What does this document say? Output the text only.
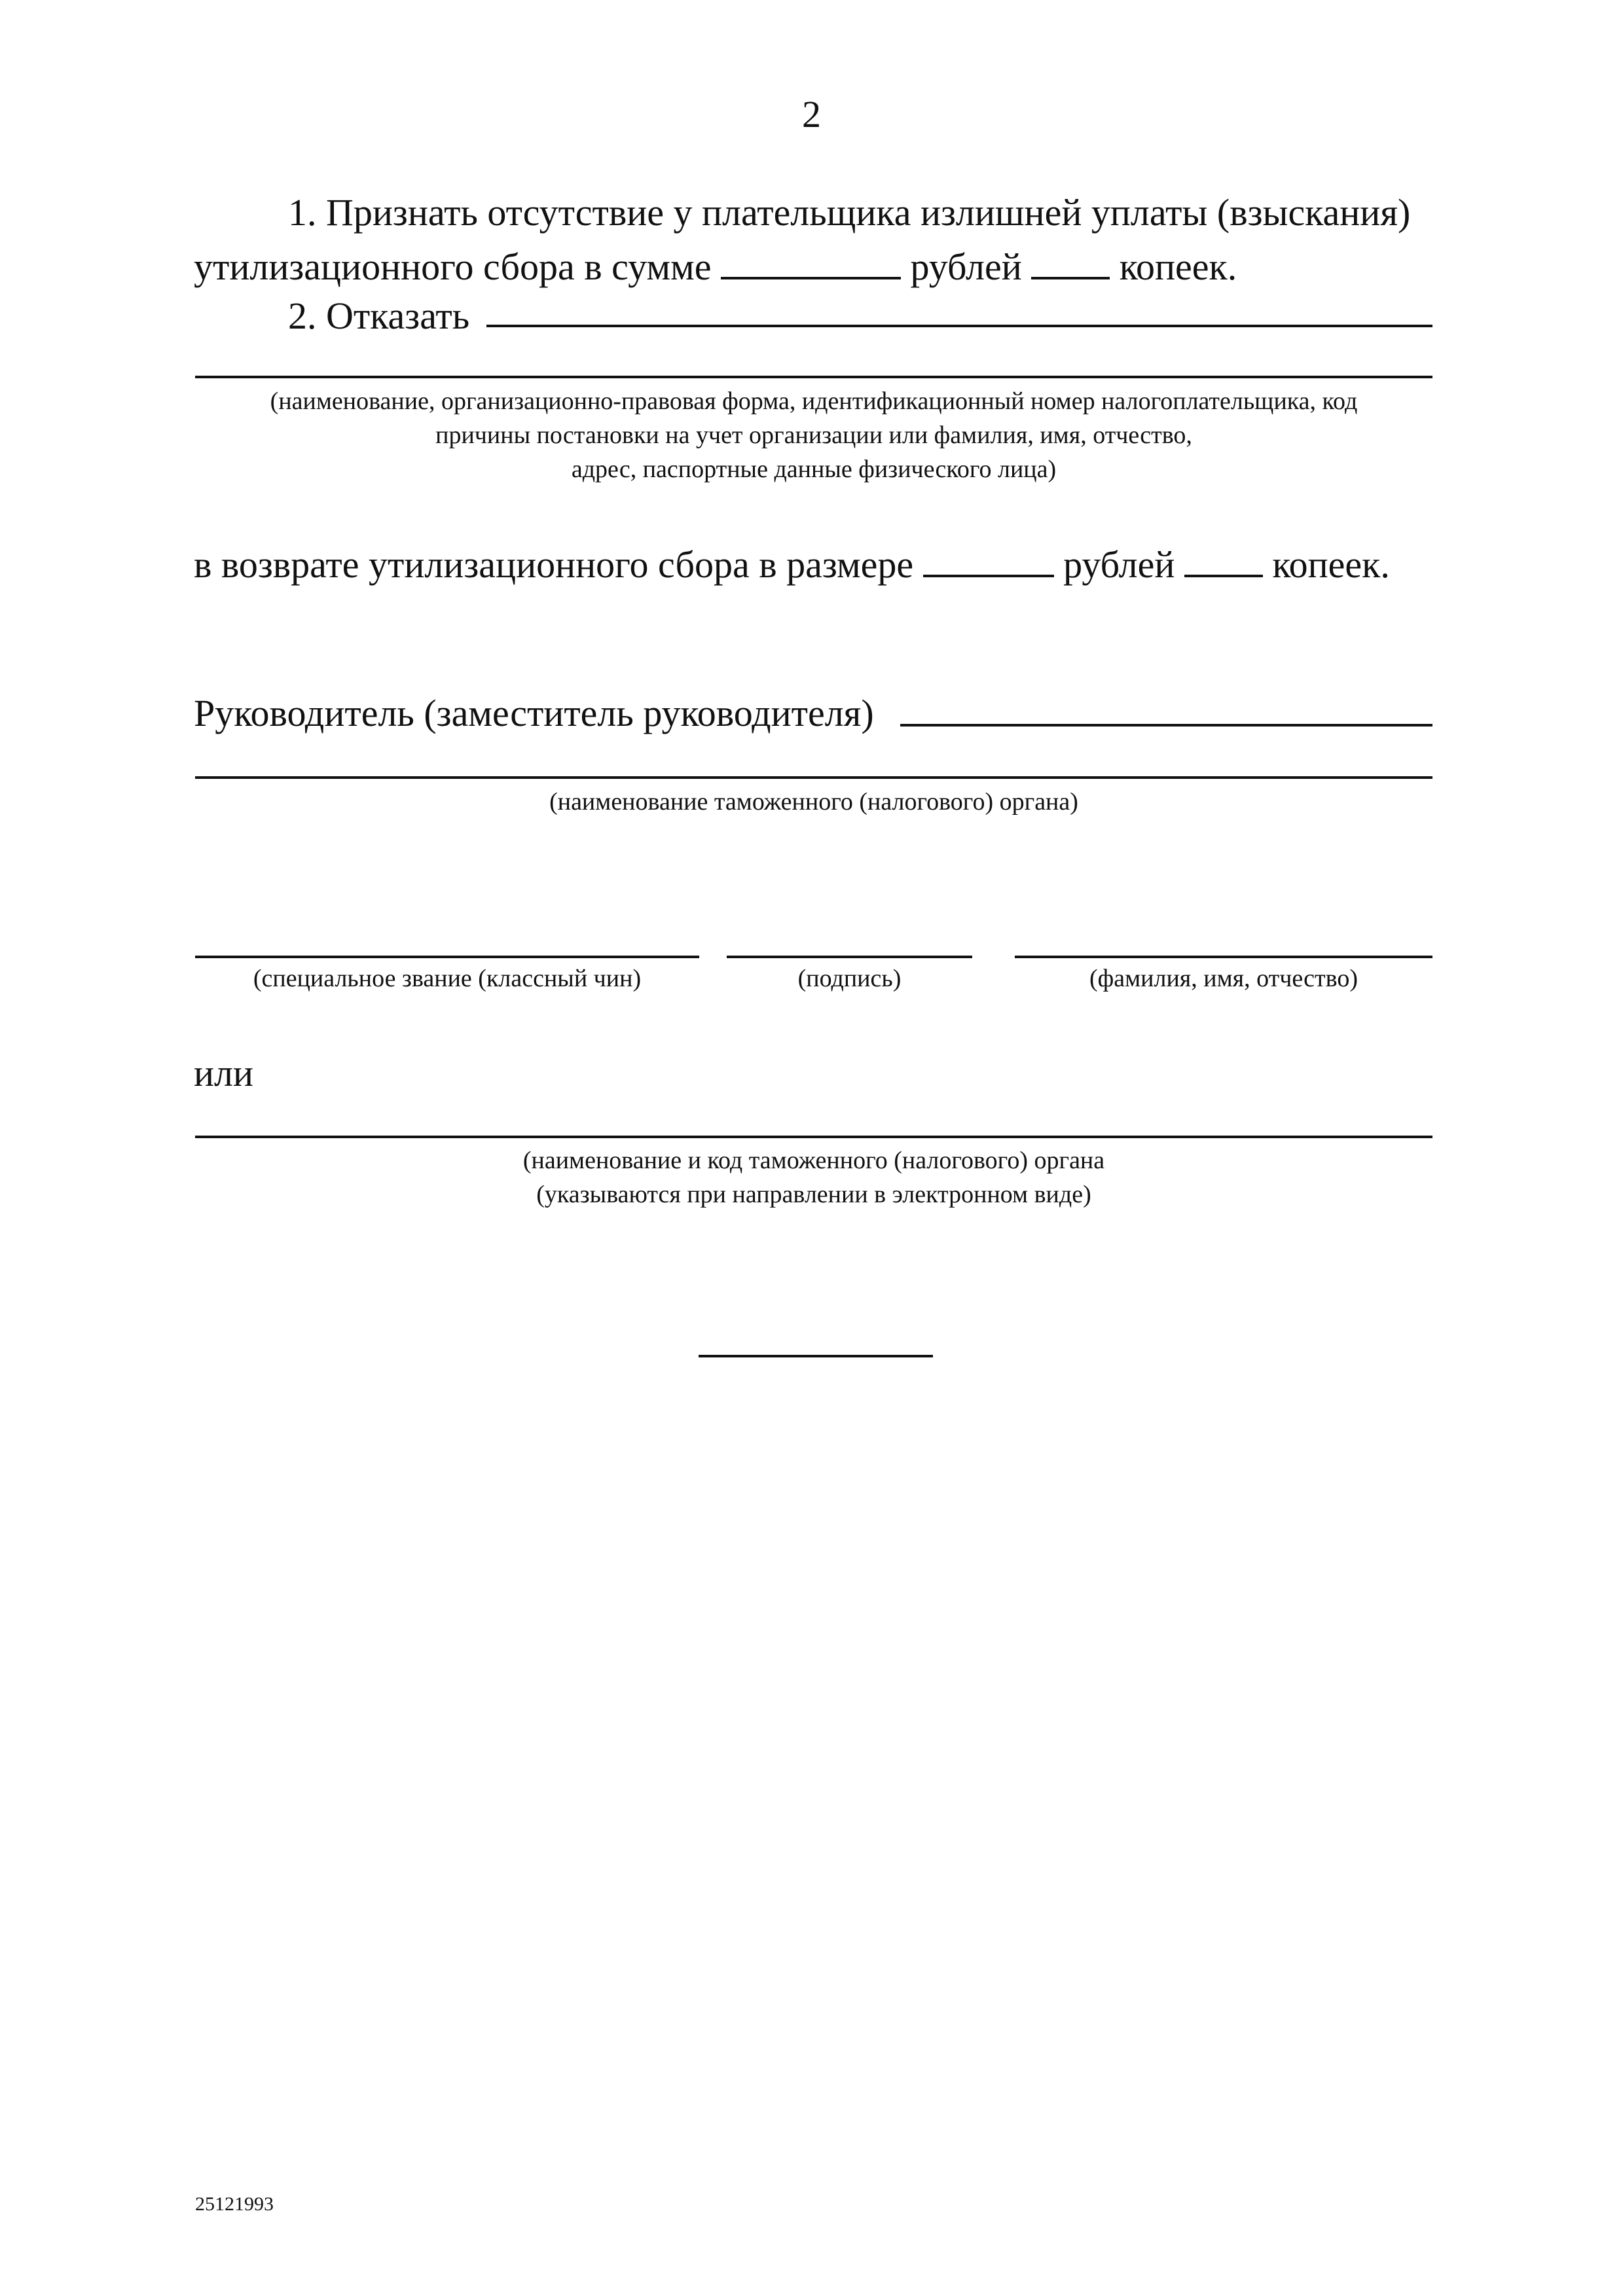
2
1. Признать отсутствие у плательщика излишней уплаты (взыскания)
утилизационного сбора в сумме	рублей	копеек.
2. Отказать
(наименование, организационно-правовая форма, идентификационный номер налогоплательщика, код
причины постановки на учет организации или фамилия, имя, отчество,
адрес, паспортные данные физического лица)
в возврате утилизационного сбора в размере	рублей	копеек.
Руководитель (заместитель руководителя)
(наименование таможенного (налогового) органа)
(специальное звание (классный чин)	(подпись)	(фамилия, имя, отчество)
или
(наименование и код таможенного (налогового) органа
(указываются при направлении в электронном виде)
25121993
